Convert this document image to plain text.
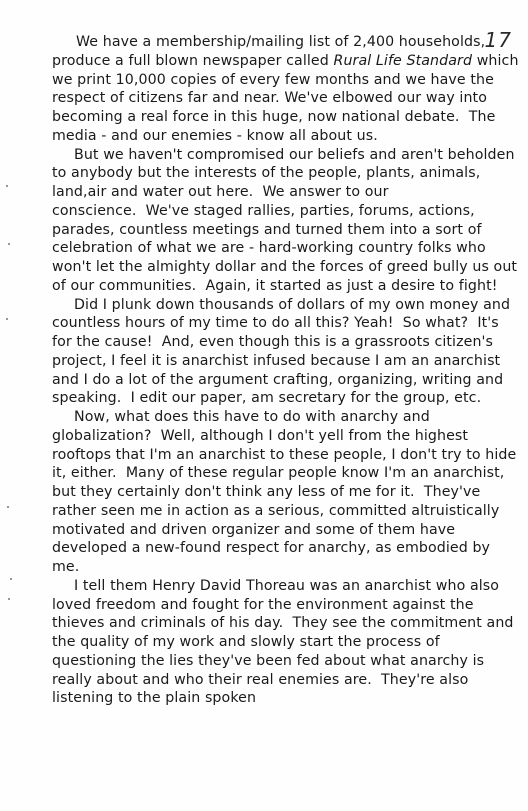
17

We have a membership/mailing list of 2,400 households, produce a full blown newspaper called Rural Life Standard which we print 10,000 copies of every few months and we have the respect of citizens far and near. We've elbowed our way into becoming a real force in this huge, now national debate.  The media - and our enemies - know all about us.

But we haven't compromised our beliefs and aren't beholden to anybody but the interests of the people, plants, animals, land,air and water out here.  We answer to our conscience.  We've staged rallies, parties, forums, actions, parades, countless meetings and turned them into a sort of celebration of what we are - hard-working country folks who won't let the almighty dollar and the forces of greed bully us out of our communities.  Again, it started as just a desire to fight!

Did I plunk down thousands of dollars of my own money and countless hours of my time to do all this? Yeah!  So what?  It's for the cause!  And, even though this is a grassroots citizen's project, I feel it is anarchist infused because I am an anarchist and I do a lot of the argument crafting, organizing, writing and speaking.  I edit our paper, am secretary for the group, etc.

Now, what does this have to do with anarchy and globalization?  Well, although I don't yell from the highest rooftops that I'm an anarchist to these people, I don't try to hide it, either.  Many of these regular people know I'm an anarchist, but they certainly don't think any less of me for it.  They've rather seen me in action as a serious, committed altruistically motivated and driven organizer and some of them have developed a new-found respect for anarchy, as embodied by me.

I tell them Henry David Thoreau was an anarchist who also loved freedom and fought for the environment against the thieves and criminals of his day.  They see the commitment and the quality of my work and slowly start the process of questioning the lies they've been fed about what anarchy is really about and who their real enemies are.  They're also listening to the plain spoken
